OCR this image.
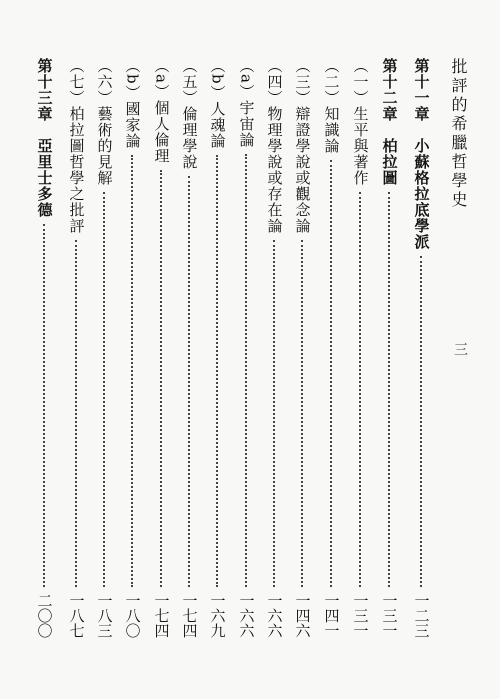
批評的希臘哲學史
三
第十一章　小蘇格拉底學派
一二三
第十二章　柏拉圖
一三一
（一）生平與著作
一三一
（二）知識論
一四一
（三）辯證學說或觀念論
一四六
（四）物理學說或存在論
一六六
（a）宇宙論
一六六
（b）人魂論
一六九
（五）倫理學說
一七四
（a）個人倫理
一七四
（b）國家論
一八〇
（六）藝術的見解
一八三
（七）柏拉圖哲學之批評
一八七
第十三章　亞里士多德
二〇〇
